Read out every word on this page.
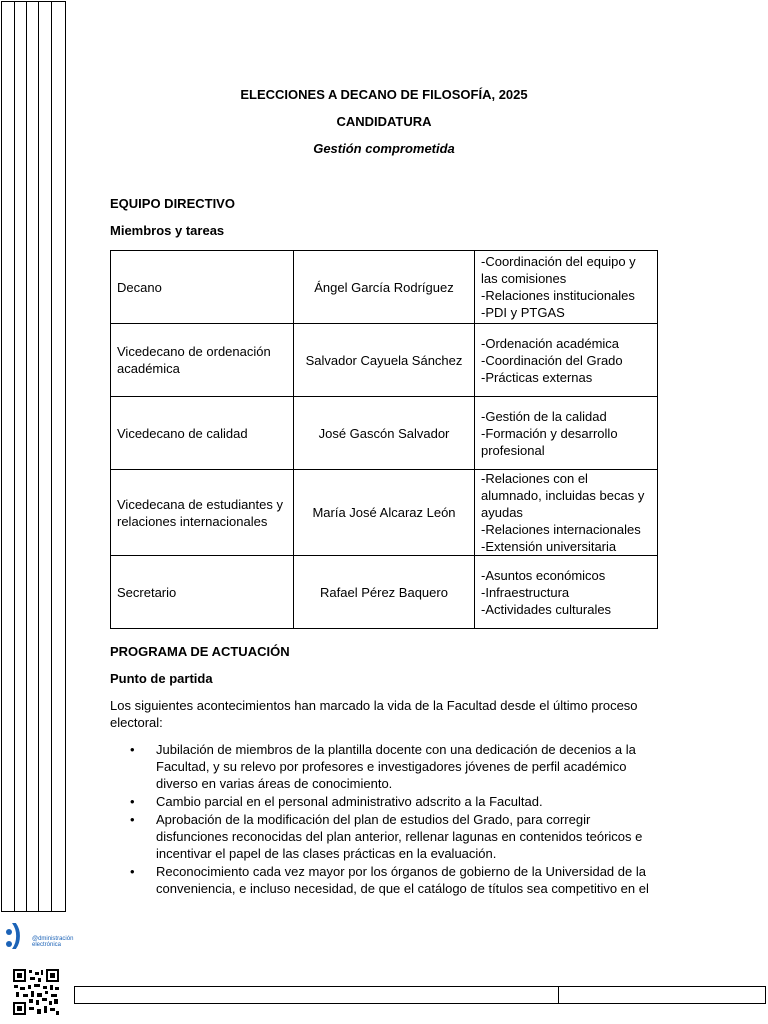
) @dministración electrónica
ELECCIONES A DECANO DE FILOSOFÍA, 2025
CANDIDATURA
Gestión comprometida
EQUIPO DIRECTIVO
Miembros y tareas
Decano	Ángel García Rodríguez	-Coordinación del equipo y las comisiones
-Relaciones institucionales
-PDI y PTGAS

Vicedecano de ordenación académica	Salvador Cayuela Sánchez	-Ordenación académica
-Coordinación del Grado
-Prácticas externas

Vicedecano de calidad	José Gascón Salvador	-Gestión de la calidad
-Formación y desarrollo profesional

Vicedecana de estudiantes y relaciones internacionales	María José Alcaraz León	-Relaciones con el alumnado, incluidas becas y ayudas
-Relaciones internacionales
-Extensión universitaria

Secretario	Rafael Pérez Baquero	-Asuntos económicos
-Infraestructura
-Actividades culturales
PROGRAMA DE ACTUACIÓN
Punto de partida
Los siguientes acontecimientos han marcado la vida de la Facultad desde el último proceso electoral:
• Jubilación de miembros de la plantilla docente con una dedicación de decenios a la Facultad, y su relevo por profesores e investigadores jóvenes de perfil académico diverso en varias áreas de conocimiento.
• Cambio parcial en el personal administrativo adscrito a la Facultad.
• Aprobación de la modificación del plan de estudios del Grado, para corregir disfunciones reconocidas del plan anterior, rellenar lagunas en contenidos teóricos e incentivar el papel de las clases prácticas en la evaluación.
• Reconocimiento cada vez mayor por los órganos de gobierno de la Universidad de la conveniencia, e incluso necesidad, de que el catálogo de títulos sea competitivo en el
